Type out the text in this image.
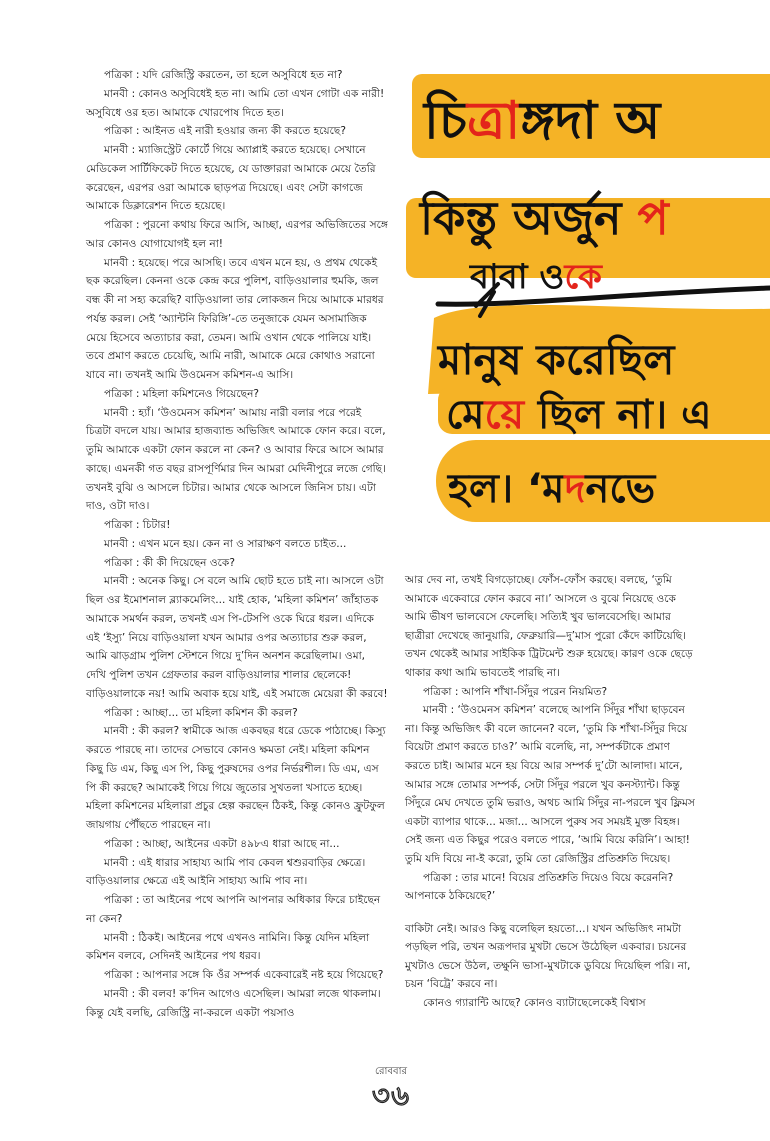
পত্রিকা : যদি রেজিস্ট্রি করতেন, তা হলে অসুবিধে হত না?

মানবী : কোনও অসুবিধেই হত না। আমি তো এখন গোটা এক নারী! অসুবিধে ওর হত। আমাকে খোরপোষ দিতে হত।

পত্রিকা : আইনত এই নারী হওয়ার জন্য কী করতে হয়েছে?

মানবী : ম্যাজিস্ট্রেট কোর্টে গিয়ে অ্যাপ্লাই করতে হয়েছে। সেখানে মেডিকেল সার্টিফিকেট দিতে হয়েছে, যে ডাক্তাররা আমাকে মেয়ে তৈরি করেছেন, এরপর ওরা আমাকে ছাড়পত্র দিয়েছে। এবং সেটা কাগজে আমাকে ডিক্লারেশন দিতে হয়েছে।

পত্রিকা : পুরনো কথায় ফিরে আসি, আচ্ছা, এরপর অভিজিতের সঙ্গে আর কোনও যোগাযোগই হল না!

মানবী : হয়েছে। পরে আসছি। তবে এখন মনে হয়, ও প্রথম থেকেই ছক করেছিল। কেননা ওকে কেন্দ্র করে পুলিশ, বাড়িওয়ালার হুমকি, জল বন্ধ কী না সহ্য করেছি? বাড়িওয়ালা তার লোকজন দিয়ে আমাকে মারধর পর্যন্ত করল। সেই ‘অ্যান্টনি ফিরিঙ্গি’-তে তনুজাকে যেমন অসামাজিক মেয়ে হিসেবে অত্যাচার করা, তেমন। আমি ওখান থেকে পালিয়ে যাই। তবে প্রমাণ করতে চেয়েছি, আমি নারী, আমাকে মেরে কোথাও সরানো যাবে না। তখনই আমি উওমেনস কমিশন-এ আসি।

পত্রিকা : মহিলা কমিশনেও গিয়েছেন?

মানবী : হ্যাঁ। ‘উওমেনস কমিশন’ আমায় নারী বলার পরে পরেই চিত্রটা বদলে যায়। আমার হাজব্যান্ড অভিজিৎ আমাকে ফোন করে। বলে, তুমি আমাকে একটা ফোন করলে না কেন? ও আবার ফিরে আসে আমার কাছে। এমনকী গত বছর রাসপূর্ণিমার দিন আমরা মেদিনীপুরে লজে গেছি। তখনই বুঝি ও আসলে চিটার। আমার থেকে আসলে জিনিস চায়। এটা দাও, ওটা দাও।

পত্রিকা : চিটার!

মানবী : এখন মনে হয়। কেন না ও সারাক্ষণ বলতে চাইত...

পত্রিকা : কী কী দিয়েছেন ওকে?

মানবী : অনেক কিছু। সে বলে আমি ছোট হতে চাই না। আসলে ওটা ছিল ওর ইমোশনাল ব্ল্যাকমেলিং... যাই হোক, ‘মহিলা কমিশন’ জাঁহাতক আমাকে সমর্থন করল, তখনই এস পি-টেসপি ওকে ঘিরে ধরল। এদিকে এই ‘ইস্যু’ নিয়ে বাড়িওয়ালা যখন আমার ওপর অত্যাচার শুরু করল, আমি ঝাড়গ্রাম পুলিশ স্টেশনে গিয়ে দু’দিন অনশন করেছিলাম। ওমা, দেখি পুলিশ তখন গ্রেফতার করল বাড়িওয়ালার শালার ছেলেকে! বাড়িওয়ালাকে নয়! আমি অবাক হয়ে যাই, এই সমাজে মেয়েরা কী করবে!

পত্রিকা : আচ্ছা... তা মহিলা কমিশন কী করল?

মানবী : কী করল? স্বামীকে আজ একবছর ধরে ডেকে পাঠাচ্ছে। কিস্যু করতে পারছে না। তাদের সেভাবে কোনও ক্ষমতা নেই। মহিলা কমিশন কিছু ডি এম, কিছু এস পি, কিছু পুরুষদের ওপর নির্ভরশীল। ডি এম, এস পি কী করছে? আমাকেই গিয়ে গিয়ে জুতোর সুখতলা খসাতে হচ্ছে। মহিলা কমিশনের মহিলারা প্রচুর হেল্প করছেন ঠিকই, কিন্তু কোনও ফ্রুটফুল জায়গায় পৌঁছতে পারছেন না।

পত্রিকা : আচ্ছা, আইনের একটা ৪৯৮এ ধারা আছে না...

মানবী : এই ধারার সাহায্য আমি পাব কেবল শ্বশুরবাড়ির ক্ষেত্রে। বাড়িওয়ালার ক্ষেত্রে এই আইনি সাহায্য আমি পাব না।

পত্রিকা : তা আইনের পথে আপনি আপনার অধিকার ফিরে চাইছেন না কেন?

মানবী : ঠিকই। আইনের পথে এখনও নামিনি। কিন্তু যেদিন মহিলা কমিশন বলবে, সেদিনই আইনের পথ ধরব।

পত্রিকা : আপনার সঙ্গে কি ওঁর সম্পর্ক একেবারেই নষ্ট হয়ে গিয়েছে?

মানবী : কী বলব! ক’দিন আগেও এসেছিল। আমরা লজে থাকলাম। কিন্তু যেই বলছি, রেজিস্ট্রি না-করলে একটা পয়সাও

চিত্রাঙ্গদা অ
কিন্তু অর্জুন প
বাবা ওকে
মানুষ করেছিল
মেয়ে ছিল না। এ
হল। ‘মদনভে

আর দেব না, তখই বিগড়োচ্ছে। ফোঁস-ফোঁস করছে। বলছে, ‘তুমি আমাকে একেবারে ফোন করবে না।’ আসলে ও বুঝে নিয়েছে ওকে আমি ভীষণ ভালবেসে ফেলেছি। সত্যিই খুব ভালবেসেছি। আমার ছাত্রীরা দেখেছে জানুয়ারি, ফেব্রুয়ারি—দু’মাস পুরো কেঁদে কাটিয়েছি। তখন থেকেই আমার সাইকিক ট্রিটমেন্ট শুরু হয়েছে। কারণ ওকে ছেড়ে থাকার কথা আমি ভাবতেই পারছি না।

পত্রিকা : আপনি শাঁখা-সিঁদুর পরেন নিয়মিত?

মানবী : ‘উওমেনস কমিশন’ বলেছে আপনি সিঁদুর শাঁখা ছাড়বেন না। কিন্তু অভিজিৎ কী বলে জানেন? বলে, ‘তুমি কি শাঁখা-সিঁদুর দিয়ে বিয়েটা প্রমাণ করতে চাও?’ আমি বলেছি, না, সম্পর্কটাকে প্রমাণ করতে চাই। আমার মনে হয় বিয়ে আর সম্পর্ক দু’টো আলাদা। মানে, আমার সঙ্গে তোমার সম্পর্ক, সেটা সিঁদুর পরলে খুব কনস্ট্যান্ট। কিন্তু সিঁদুরে মেঘ দেখতে তুমি ভরাও, অথচ আমি সিঁদুর না-পরলে খুব ফ্লিমস একটা ব্যাপার থাকে... মজা... আসলে পুরুষ সব সময়ই মুক্ত বিহঙ্গ। সেই জন্য এত কিছুর পরেও বলতে পারে, ‘আমি বিয়ে করিনি’। আহা! তুমি যদি বিয়ে না-ই করো, তুমি তো রেজিস্ট্রির প্রতিশ্রুতি দিয়েছ।

পত্রিকা : তার মানে! বিয়ের প্রতিশ্রুতি দিয়েও বিয়ে করেননি? আপনাকে ঠকিয়েছে?’

বাকিটা নেই। আরও কিছু বলেছিল হয়তো...। যখন অভিজিৎ নামটা পড়ছিল পরি, তখন অরূপদার মুখটা ভেসে উঠেছিল একবার। চয়নের মুখটাও ভেসে উঠল, তক্ষুনি ভাসা-মুখটাকে ডুবিয়ে দিয়েছিল পরি। না, চয়ন ‘বিট্রে’ করবে না।

কোনও গ্যারান্টি আছে? কোনও ব্যাটাছেলেকেই বিশ্বাস

রোববার
৩৬
